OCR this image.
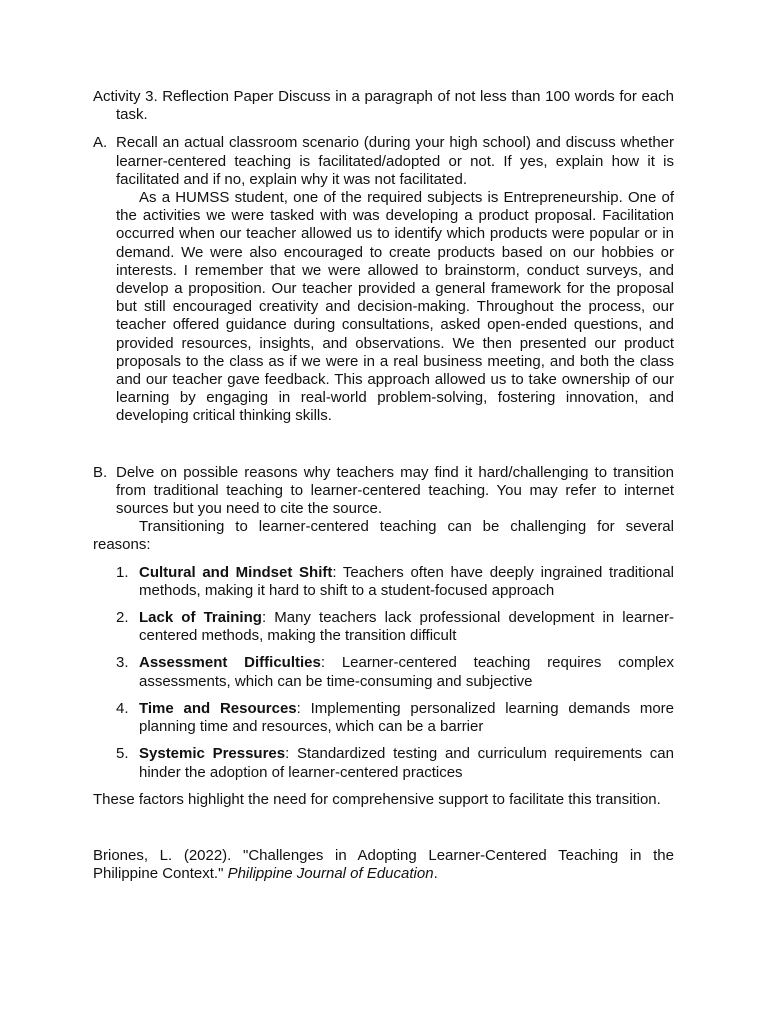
Activity 3. Reflection Paper Discuss in a paragraph of not less than 100 words for each task.

A. Recall an actual classroom scenario (during your high school) and discuss whether learner-centered teaching is facilitated/adopted or not. If yes, explain how it is facilitated and if no, explain why it was not facilitated.

As a HUMSS student, one of the required subjects is Entrepreneurship. One of the activities we were tasked with was developing a product proposal. Facilitation occurred when our teacher allowed us to identify which products were popular or in demand. We were also encouraged to create products based on our hobbies or interests. I remember that we were allowed to brainstorm, conduct surveys, and develop a proposition. Our teacher provided a general framework for the proposal but still encouraged creativity and decision-making. Throughout the process, our teacher offered guidance during consultations, asked open-ended questions, and provided resources, insights, and observations. We then presented our product proposals to the class as if we were in a real business meeting, and both the class and our teacher gave feedback. This approach allowed us to take ownership of our learning by engaging in real-world problem-solving, fostering innovation, and developing critical thinking skills.

B. Delve on possible reasons why teachers may find it hard/challenging to transition from traditional teaching to learner-centered teaching. You may refer to internet sources but you need to cite the source.

Transitioning to learner-centered teaching can be challenging for several reasons:

1. Cultural and Mindset Shift: Teachers often have deeply ingrained traditional methods, making it hard to shift to a student-focused approach
2. Lack of Training: Many teachers lack professional development in learner-centered methods, making the transition difficult
3. Assessment Difficulties: Learner-centered teaching requires complex assessments, which can be time-consuming and subjective
4. Time and Resources: Implementing personalized learning demands more planning time and resources, which can be a barrier
5. Systemic Pressures: Standardized testing and curriculum requirements can hinder the adoption of learner-centered practices

These factors highlight the need for comprehensive support to facilitate this transition.

Briones, L. (2022). "Challenges in Adopting Learner-Centered Teaching in the Philippine Context." Philippine Journal of Education.
